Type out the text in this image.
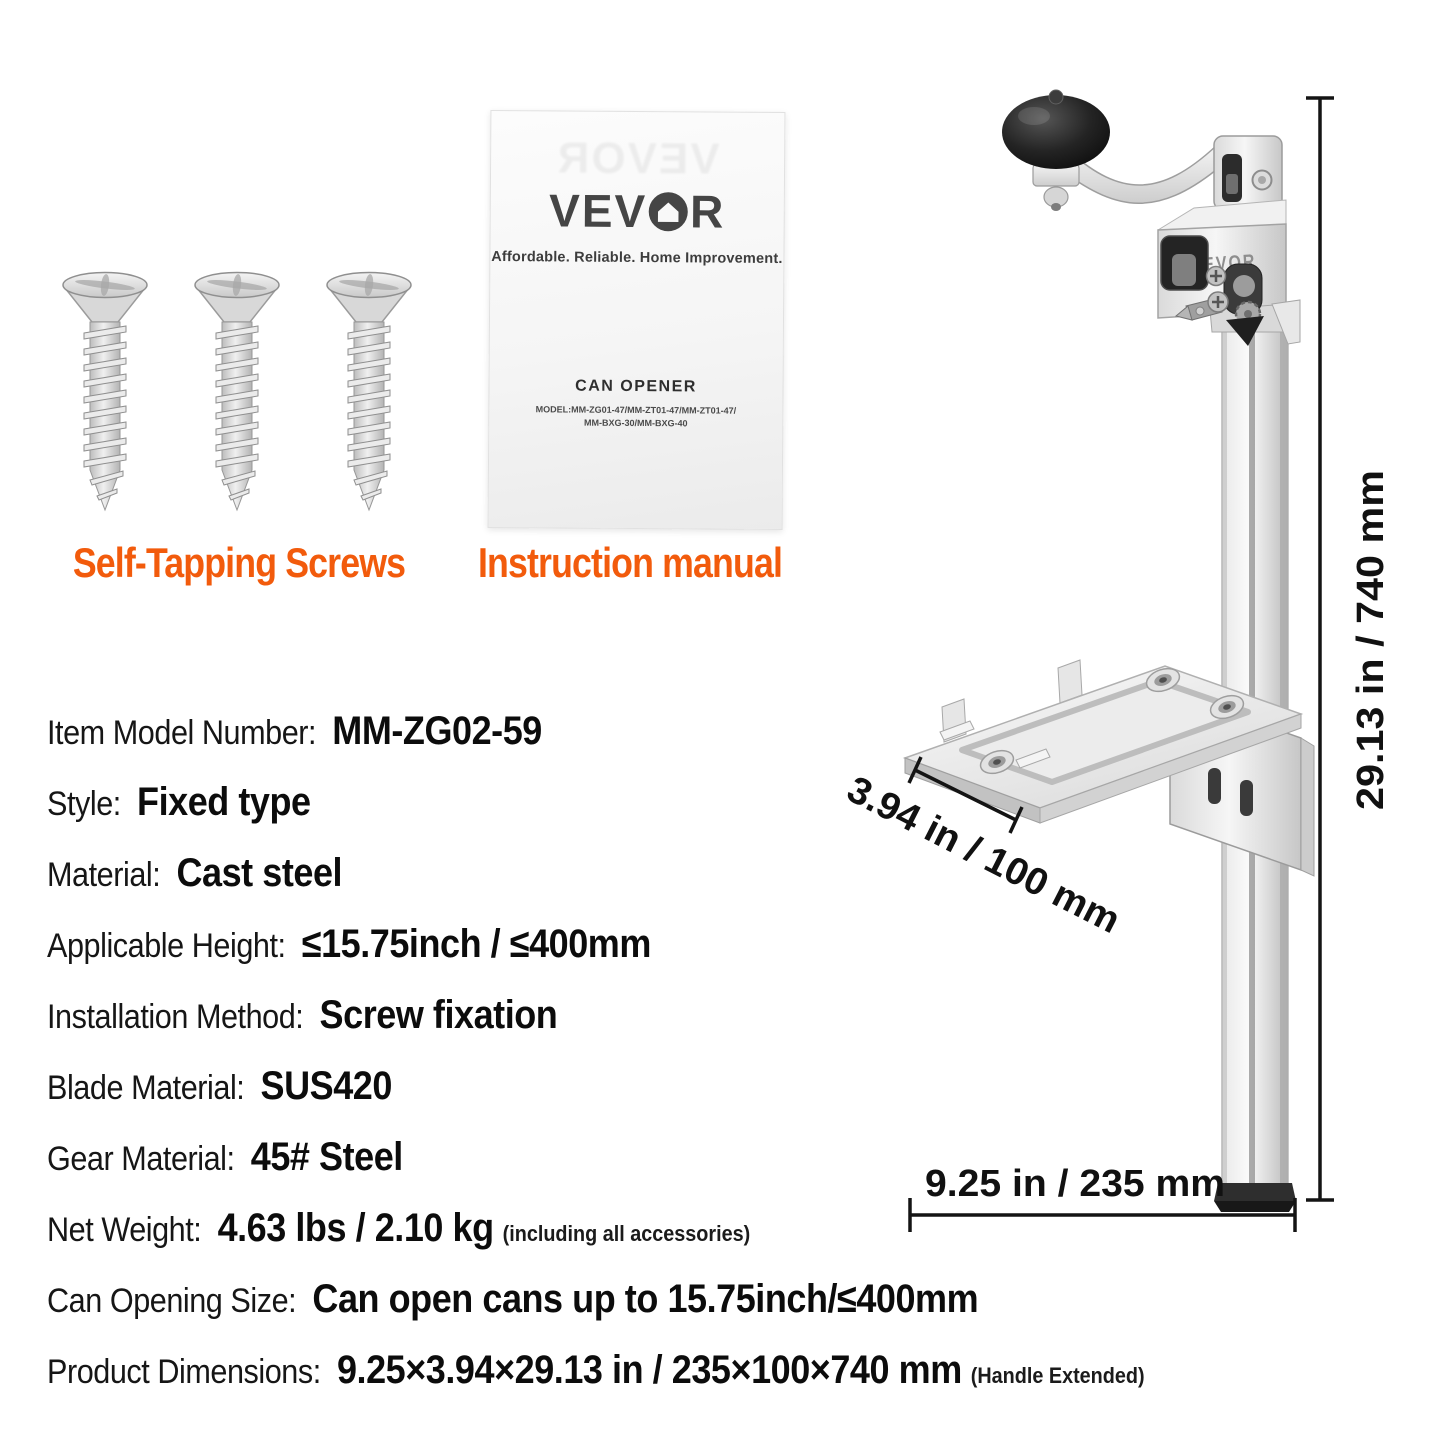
Self-Tapping Screws
VEVOR
VEV R
Affordable. Reliable. Home Improvement.
CAN OPENER
MODEL:MM-ZG01-47/MM-ZT01-47/MM-ZT01-47/
MM-BXG-30/MM-BXG-40
Instruction manual
Item Model Number: MM-ZG02-59
Style: Fixed type
Material: Cast steel
Applicable Height: ≤15.75inch / ≤400mm
Installation Method: Screw fixation
Blade Material: SUS420
Gear Material: 45# Steel
Net Weight: 4.63 lbs / 2.10 kg (including all accessories)
Can Opening Size: Can open cans up to 15.75inch/≤400mm
Product Dimensions: 9.25×3.94×29.13 in / 235×100×740 mm (Handle Extended)
29.13 in / 740 mm
VEVOR
3.94 in / 100 mm
9.25 in / 235 mm
